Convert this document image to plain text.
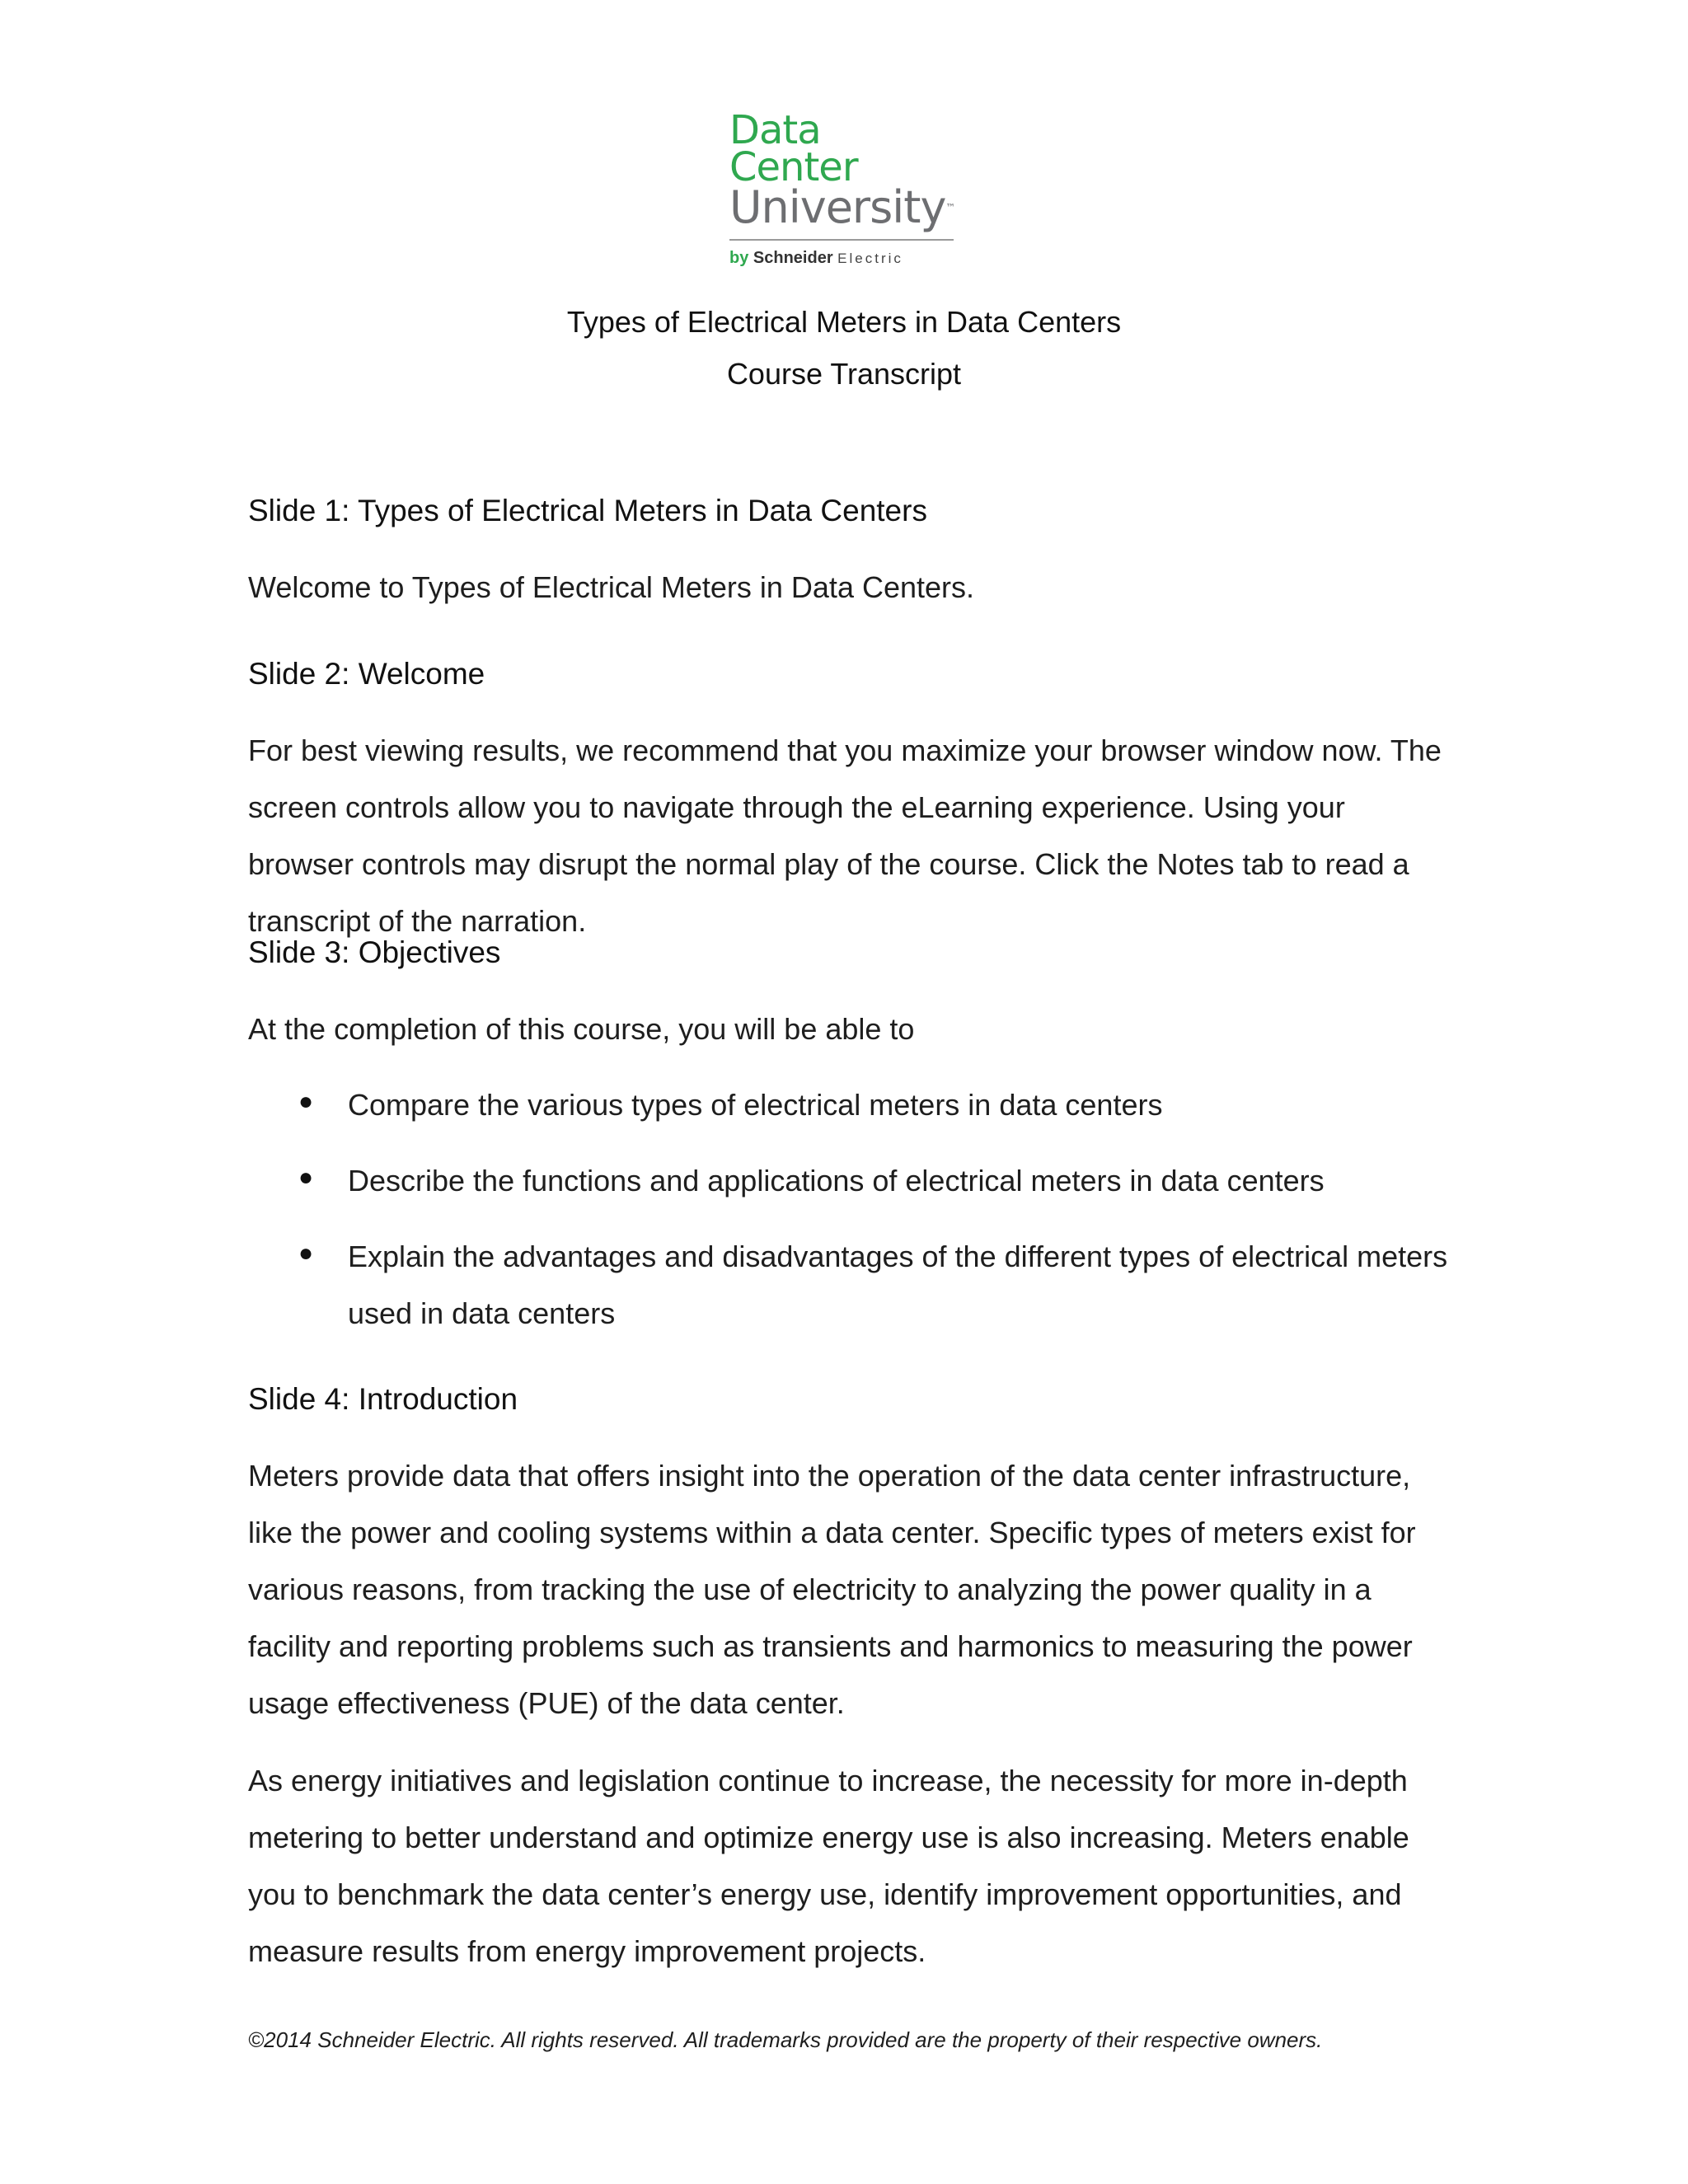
Data
Center
University™
by Schneider Electric
Types of Electrical Meters in Data Centers
Course Transcript
Slide 1: Types of Electrical Meters in Data Centers
Welcome to Types of Electrical Meters in Data Centers.
Slide 2: Welcome
For best viewing results, we recommend that you maximize your browser window now. The screen controls allow you to navigate through the eLearning experience. Using your browser controls may disrupt the normal play of the course. Click the Notes tab to read a transcript of the narration.
Slide 3: Objectives
At the completion of this course, you will be able to
● Compare the various types of electrical meters in data centers
● Describe the functions and applications of electrical meters in data centers
● Explain the advantages and disadvantages of the different types of electrical meters used in data centers
Slide 4: Introduction
Meters provide data that offers insight into the operation of the data center infrastructure, like the power and cooling systems within a data center. Specific types of meters exist for various reasons, from tracking the use of electricity to analyzing the power quality in a facility and reporting problems such as transients and harmonics to measuring the power usage effectiveness (PUE) of the data center.
As energy initiatives and legislation continue to increase, the necessity for more in-depth metering to better understand and optimize energy use is also increasing. Meters enable you to benchmark the data center’s energy use, identify improvement opportunities, and measure results from energy improvement projects.
©2014 Schneider Electric. All rights reserved. All trademarks provided are the property of their respective owners.
